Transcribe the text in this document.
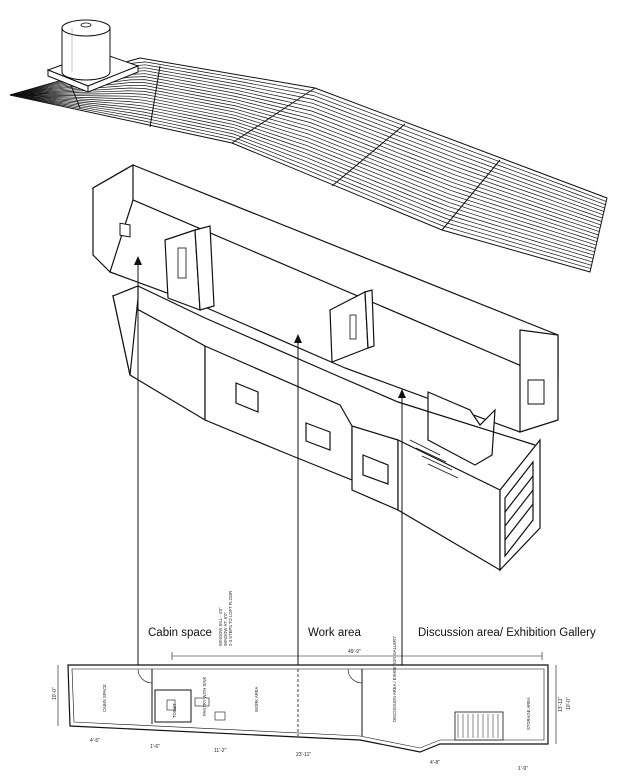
Cabin space	Work area	Discussion area/ Exhibition Gallery
WINDOW SILL - 4'0" WINDOW HT. 6'0" 2-3 STEPS TO LOFT FLOOR
49'-9"
10'-0"
13'-11" 10'-0"
CABIN SPACE	TOILET	PANTRY WITH SINK	WORK AREA	DISCUSSION AREA / EXHIBITION GALLERY	STORAGE AREA
4'-5"
1'-6"
11'-2"
23'-11"
4'-8"
1'-9"
